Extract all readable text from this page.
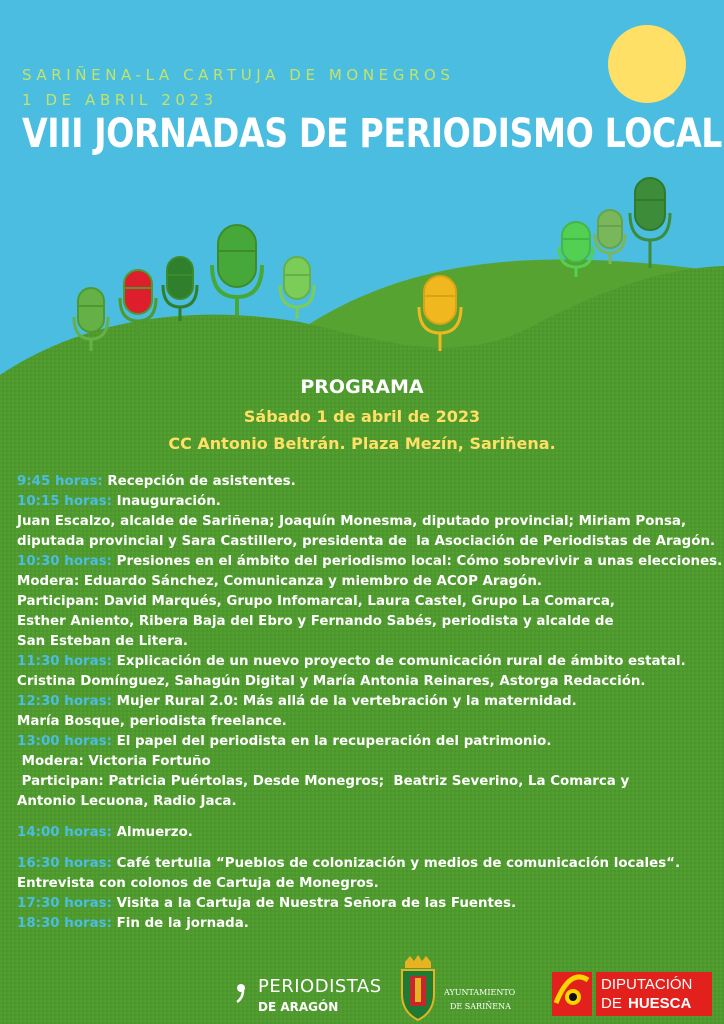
SARIÑENA-LA CARTUJA DE MONEGROS
1 DE ABRIL 2023
VIII JORNADAS DE PERIODISMO LOCAL
PROGRAMA
Sábado 1 de abril de 2023
CC Antonio Beltrán. Plaza Mezín, Sariñena.
9:45 horas: Recepción de asistentes.
10:15 horas: Inauguración.
Juan Escalzo, alcalde de Sariñena; Joaquín Monesma, diputado provincial; Miriam Ponsa,
diputada provincial y Sara Castillero, presidenta de  la Asociación de Periodistas de Aragón.
10:30 horas: Presiones en el ámbito del periodismo local: Cómo sobrevivir a unas elecciones.
Modera: Eduardo Sánchez, Comunicanza y miembro de ACOP Aragón.
Participan: David Marqués, Grupo Infomarcal, Laura Castel, Grupo La Comarca,
Esther Aniento, Ribera Baja del Ebro y Fernando Sabés, periodista y alcalde de
San Esteban de Litera.
11:30 horas: Explicación de un nuevo proyecto de comunicación rural de ámbito estatal.
Cristina Domínguez, Sahagún Digital y María Antonia Reinares, Astorga Redacción.
12:30 horas: Mujer Rural 2.0: Más allá de la vertebración y la maternidad.
María Bosque, periodista freelance.
13:00 horas: El papel del periodista en la recuperación del patrimonio.
Modera: Victoria Fortuño
Participan: Patricia Puértolas, Desde Monegros;  Beatriz Severino, La Comarca y
Antonio Lecuona, Radio Jaca.
14:00 horas: Almuerzo.
16:30 horas: Café tertulia “Pueblos de colonización y medios de comunicación locales“.
Entrevista con colonos de Cartuja de Monegros.
17:30 horas: Visita a la Cartuja de Nuestra Señora de las Fuentes.
18:30 horas: Fin de la jornada.
PERIODISTAS
DE ARAGÓN
AYUNTAMIENTO
DE SARIÑENA
DIPUTACIÓN
DE HUESCA
